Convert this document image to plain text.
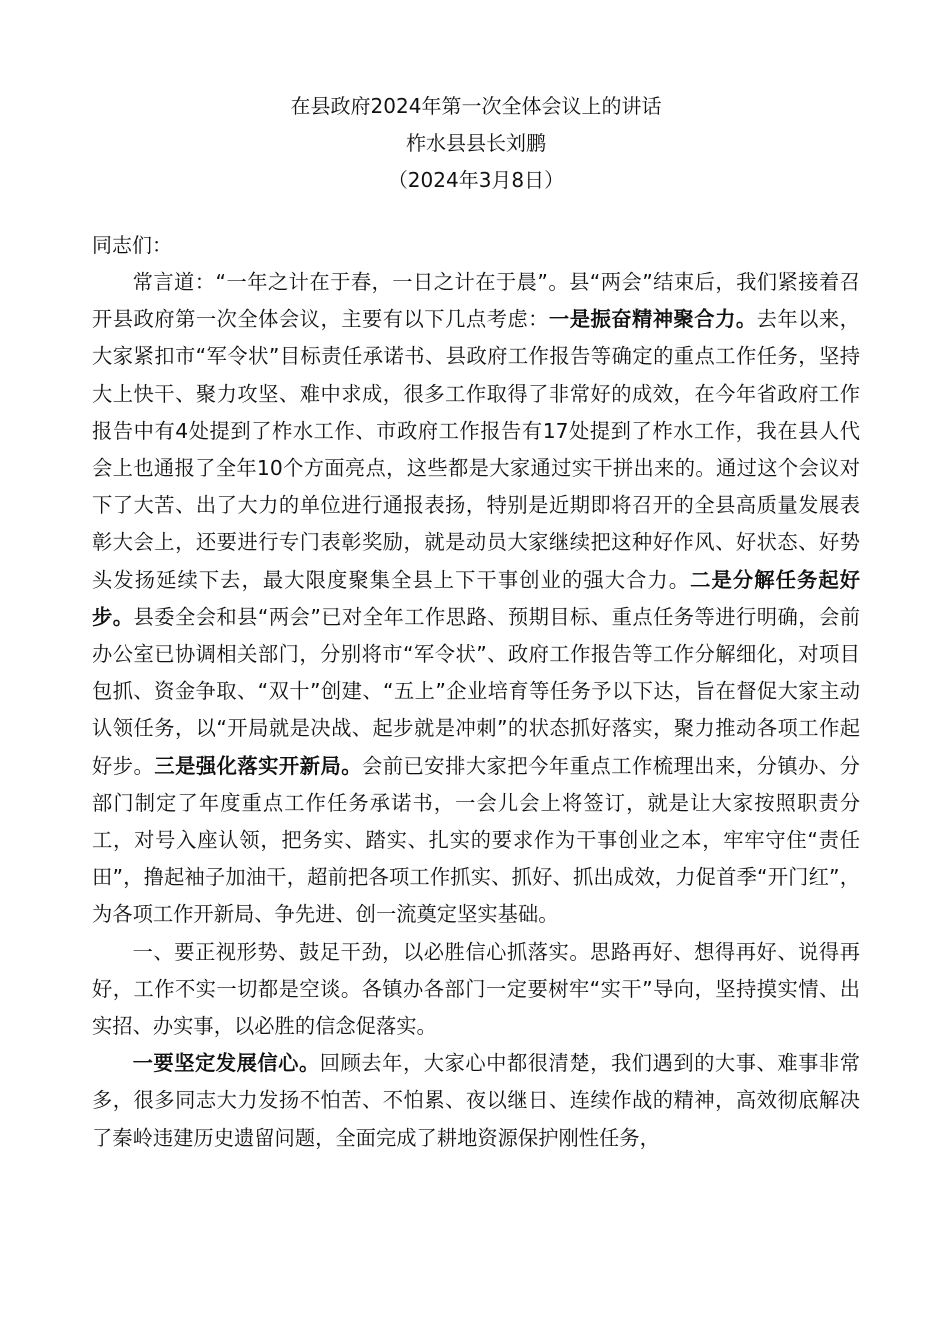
在县政府2024年第一次全体会议上的讲话

柞水县县长刘鹏

（2024年3月8日）

同志们：

常言道：“一年之计在于春，一日之计在于晨”。县“两会”结束后，我们紧接着召开县政府第一次全体会议，主要有以下几点考虑：一是振奋精神聚合力。去年以来，大家紧扣市“军令状”目标责任承诺书、县政府工作报告等确定的重点工作任务，坚持大上快干、聚力攻坚、难中求成，很多工作取得了非常好的成效，在今年省政府工作报告中有4处提到了柞水工作、市政府工作报告有17处提到了柞水工作，我在县人代会上也通报了全年10个方面亮点，这些都是大家通过实干拼出来的。通过这个会议对下了大苦、出了大力的单位进行通报表扬，特别是近期即将召开的全县高质量发展表彰大会上，还要进行专门表彰奖励，就是动员大家继续把这种好作风、好状态、好势头发扬延续下去，最大限度聚集全县上下干事创业的强大合力。二是分解任务起好步。县委全会和县“两会”已对全年工作思路、预期目标、重点任务等进行明确，会前办公室已协调相关部门，分别将市“军令状”、政府工作报告等工作分解细化，对项目包抓、资金争取、“双十”创建、“五上”企业培育等任务予以下达，旨在督促大家主动认领任务，以“开局就是决战、起步就是冲刺”的状态抓好落实，聚力推动各项工作起好步。三是强化落实开新局。会前已安排大家把今年重点工作梳理出来，分镇办、分部门制定了年度重点工作任务承诺书，一会儿会上将签订，就是让大家按照职责分工，对号入座认领，把务实、踏实、扎实的要求作为干事创业之本，牢牢守住“责任田”，撸起袖子加油干，超前把各项工作抓实、抓好、抓出成效，力促首季“开门红”，为各项工作开新局、争先进、创一流奠定坚实基础。

一、要正视形势、鼓足干劲，以必胜信心抓落实。思路再好、想得再好、说得再好，工作不实一切都是空谈。各镇办各部门一定要树牢“实干”导向，坚持摸实情、出实招、办实事，以必胜的信念促落实。

一要坚定发展信心。回顾去年，大家心中都很清楚，我们遇到的大事、难事非常多，很多同志大力发扬不怕苦、不怕累、夜以继日、连续作战的精神，高效彻底解决了秦岭违建历史遗留问题，全面完成了耕地资源保护刚性任务，
